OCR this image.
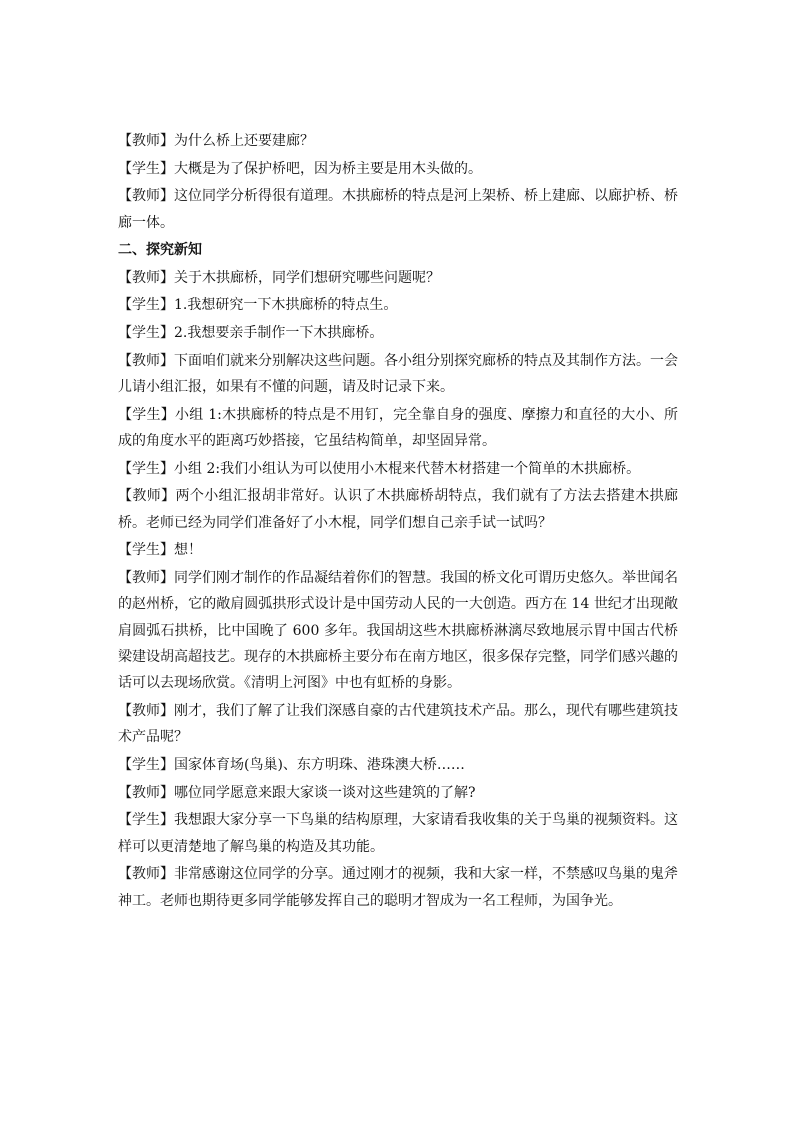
【教师】为什么桥上还要建廊？

【学生】大概是为了保护桥吧，因为桥主要是用木头做的。

【教师】这位同学分析得很有道理。木拱廊桥的特点是河上架桥、桥上建廊、以廊护桥、桥廊一体。

二、探究新知

【教师】关于木拱廊桥，同学们想研究哪些问题呢？

【学生】1.我想研究一下木拱廊桥的特点生。

【学生】2.我想要亲手制作一下木拱廊桥。

【教师】下面咱们就来分别解决这些问题。各小组分别探究廊桥的特点及其制作方法。一会儿请小组汇报，如果有不懂的问题，请及时记录下来。

【学生】小组 1:木拱廊桥的特点是不用钉，完全靠自身的强度、摩擦力和直径的大小、所成的角度水平的距离巧妙搭接，它虽结构简单，却坚固异常。

【学生】小组 2:我们小组认为可以使用小木棍来代替木材搭建一个简单的木拱廊桥。

【教师】两个小组汇报胡非常好。认识了木拱廊桥胡特点，我们就有了方法去搭建木拱廊桥。老师已经为同学们准备好了小木棍，同学们想自己亲手试一试吗？

【学生】想！

【教师】同学们刚才制作的作品凝结着你们的智慧。我国的桥文化可谓历史悠久。举世闻名的赵州桥，它的敞肩圆弧拱形式设计是中国劳动人民的一大创造。西方在 14 世纪才出现敞肩圆弧石拱桥，比中国晚了 600 多年。我国胡这些木拱廊桥淋漓尽致地展示胃中国古代桥梁建设胡高超技艺。现存的木拱廊桥主要分布在南方地区，很多保存完整，同学们感兴趣的话可以去现场欣赏。《清明上河图》中也有虹桥的身影。

【教师】刚才，我们了解了让我们深感自豪的古代建筑技术产品。那么，现代有哪些建筑技术产品呢？

【学生】国家体育场(鸟巢)、东方明珠、港珠澳大桥……

【教师】哪位同学愿意来跟大家谈一谈对这些建筑的了解?

【学生】我想跟大家分享一下鸟巢的结构原理，大家请看我收集的关于鸟巢的视频资料。这样可以更清楚地了解鸟巢的构造及其功能。

【教师】非常感谢这位同学的分享。通过刚才的视频，我和大家一样，不禁感叹鸟巢的鬼斧神工。老师也期待更多同学能够发挥自己的聪明才智成为一名工程师，为国争光。
